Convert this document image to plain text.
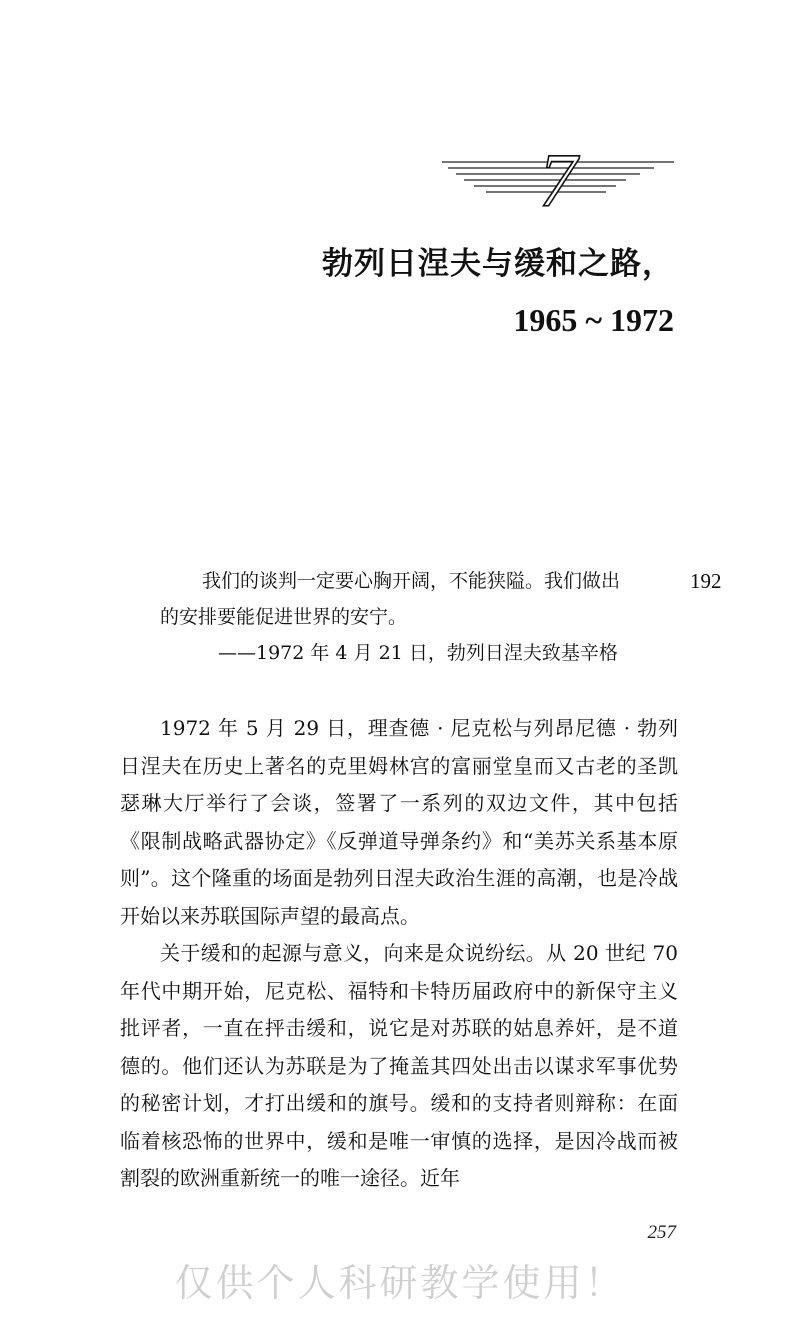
7
勃列日涅夫与缓和之路，
1965 ~ 1972

我们的谈判一定要心胸开阔，不能狭隘。我们做出

的安排要能促进世界的安宁。

——1972 年 4 月 21 日，勃列日涅夫致基辛格

192

1972 年 5 月 29 日，理查德 · 尼克松与列昂尼德 · 勃列日涅夫在历史上著名的克里姆林宫的富丽堂皇而又古老的圣凯瑟琳大厅举行了会谈，签署了一系列的双边文件，其中包括《限制战略武器协定》《反弹道导弹条约》和“美苏关系基本原则”。这个隆重的场面是勃列日涅夫政治生涯的高潮，也是冷战开始以来苏联国际声望的最高点。

关于缓和的起源与意义，向来是众说纷纭。从 20 世纪 70 年代中期开始，尼克松、福特和卡特历届政府中的新保守主义批评者，一直在抨击缓和，说它是对苏联的姑息养奸，是不道德的。他们还认为苏联是为了掩盖其四处出击以谋求军事优势的秘密计划，才打出缓和的旗号。缓和的支持者则辩称：在面临着核恐怖的世界中，缓和是唯一审慎的选择，是因冷战而被割裂的欧洲重新统一的唯一途径。近年

257
仅供个人科研教学使用！
